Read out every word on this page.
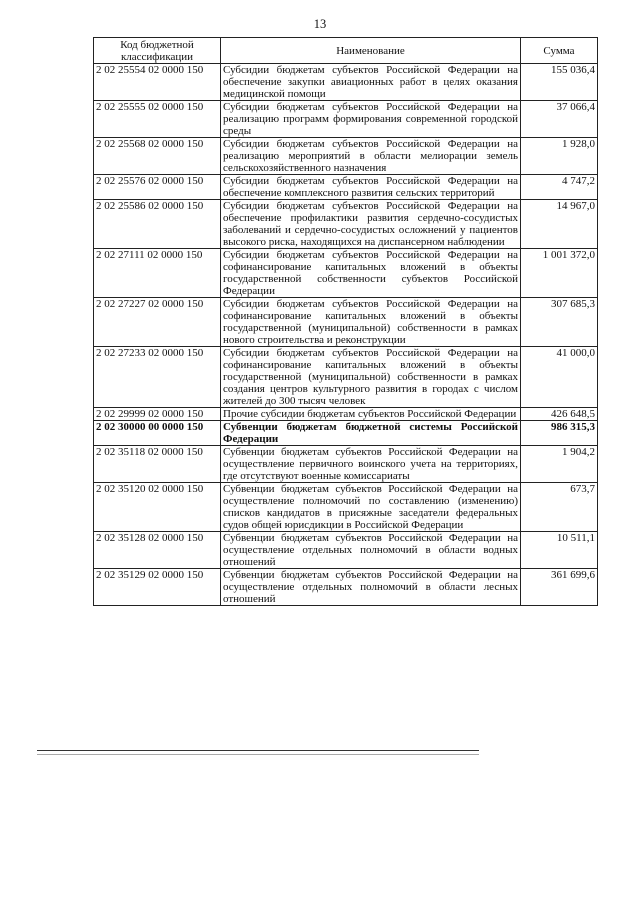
13
Код бюджетной классификации	Наименование	Сумма
2 02 25554 02 0000 150	Субсидии бюджетам субъектов Российской Федерации на обеспечение закупки авиационных работ в целях оказания медицинской помощи	155 036,4
2 02 25555 02 0000 150	Субсидии бюджетам субъектов Российской Федерации на реализацию программ формирования современной городской среды	37 066,4
2 02 25568 02 0000 150	Субсидии бюджетам субъектов Российской Федерации на реализацию мероприятий в области мелиорации земель сельскохозяйственного назначения	1 928,0
2 02 25576 02 0000 150	Субсидии бюджетам субъектов Российской Федерации на обеспечение комплексного развития сельских территорий	4 747,2
2 02 25586 02 0000 150	Субсидии бюджетам субъектов Российской Федерации на обеспечение профилактики развития сердечно-сосудистых заболеваний и сердечно-сосудистых осложнений у пациентов высокого риска, находящихся на диспансерном наблюдении	14 967,0
2 02 27111 02 0000 150	Субсидии бюджетам субъектов Российской Федерации на софинансирование капитальных вложений в объекты государственной собственности субъектов Российской Федерации	1 001 372,0
2 02 27227 02 0000 150	Субсидии бюджетам субъектов Российской Федерации на софинансирование капитальных вложений в объекты государственной (муниципальной) собственности в рамках нового строительства и реконструкции	307 685,3
2 02 27233 02 0000 150	Субсидии бюджетам субъектов Российской Федерации на софинансирование капитальных вложений в объекты государственной (муниципальной) собственности в рамках создания центров культурного развития в городах с числом жителей до 300 тысяч человек	41 000,0
2 02 29999 02 0000 150	Прочие субсидии бюджетам субъектов Российской Федерации	426 648,5
2 02 30000 00 0000 150	Субвенции бюджетам бюджетной системы Российской Федерации	986 315,3
2 02 35118 02 0000 150	Субвенции бюджетам субъектов Российской Федерации на осуществление первичного воинского учета на территориях, где отсутствуют военные комиссариаты	1 904,2
2 02 35120 02 0000 150	Субвенции бюджетам субъектов Российской Федерации на осуществление полномочий по составлению (изменению) списков кандидатов в присяжные заседатели федеральных судов общей юрисдикции в Российской Федерации	673,7
2 02 35128 02 0000 150	Субвенции бюджетам субъектов Российской Федерации на осуществление отдельных полномочий в области водных отношений	10 511,1
2 02 35129 02 0000 150	Субвенции бюджетам субъектов Российской Федерации на осуществление отдельных полномочий в области лесных отношений	361 699,6
